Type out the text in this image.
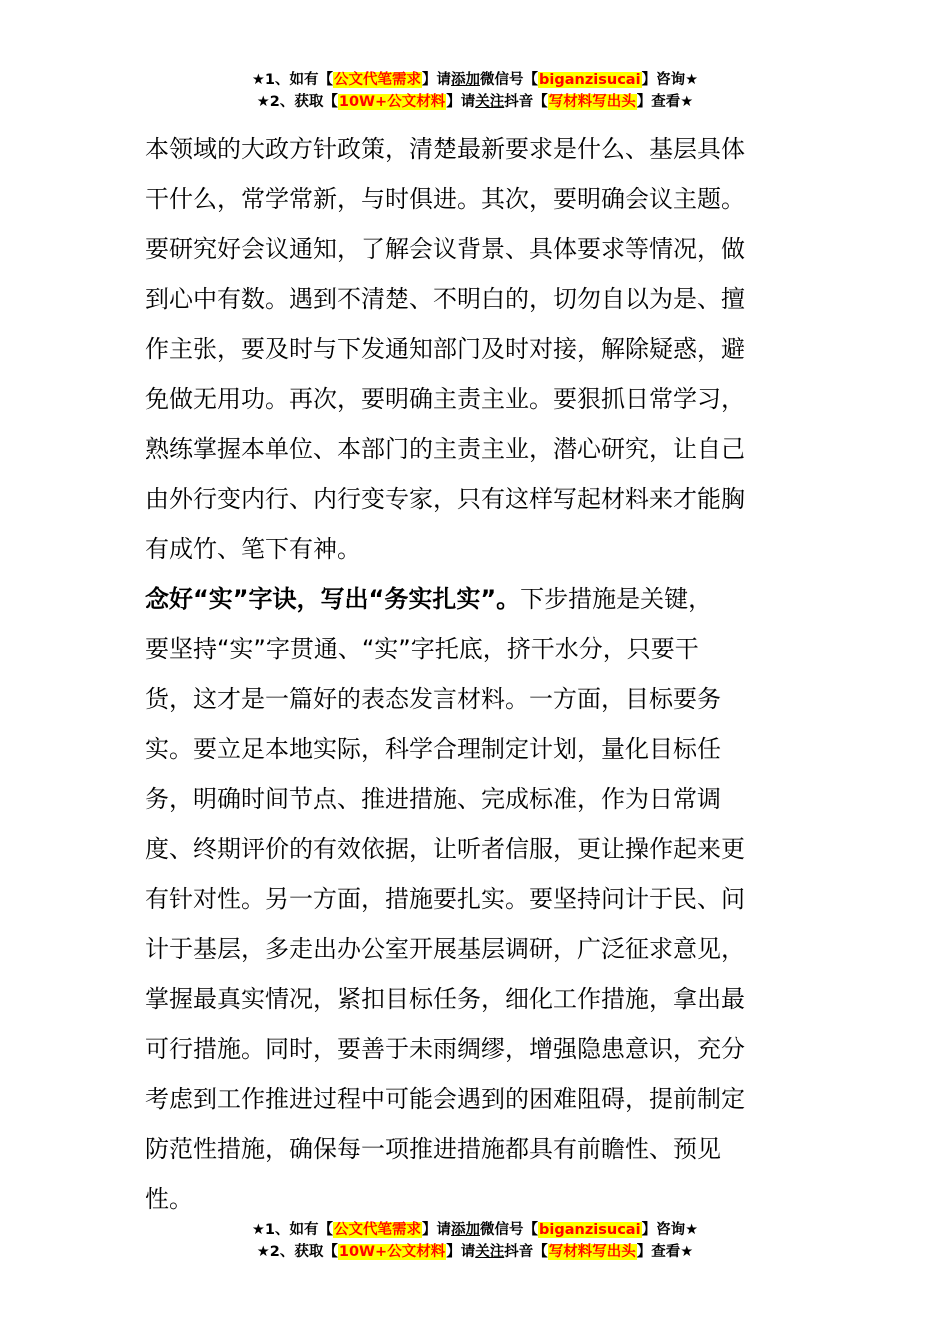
★1、如有【公文代笔需求】请添加微信号【biganzisucai】咨询★
★2、获取【10W+公文材料】请关注抖音【写材料写出头】查看★
本领域的大政方针政策，清楚最新要求是什么、基层具体
干什么，常学常新，与时俱进。其次，要明确会议主题。
要研究好会议通知，了解会议背景、具体要求等情况，做
到心中有数。遇到不清楚、不明白的，切勿自以为是、擅
作主张，要及时与下发通知部门及时对接，解除疑惑，避
免做无用功。再次，要明确主责主业。要狠抓日常学习，
熟练掌握本单位、本部门的主责主业，潜心研究，让自己
由外行变内行、内行变专家，只有这样写起材料来才能胸
有成竹、笔下有神。
念好“实”字诀，写出“务实扎实”。下步措施是关键，
要坚持“实”字贯通、“实”字托底，挤干水分，只要干
货，这才是一篇好的表态发言材料。一方面，目标要务
实。要立足本地实际，科学合理制定计划，量化目标任
务，明确时间节点、推进措施、完成标准，作为日常调
度、终期评价的有效依据，让听者信服，更让操作起来更
有针对性。另一方面，措施要扎实。要坚持问计于民、问
计于基层，多走出办公室开展基层调研，广泛征求意见，
掌握最真实情况，紧扣目标任务，细化工作措施，拿出最
可行措施。同时，要善于未雨绸缪，增强隐患意识，充分
考虑到工作推进过程中可能会遇到的困难阻碍，提前制定
防范性措施，确保每一项推进措施都具有前瞻性、预见
性。
★1、如有【公文代笔需求】请添加微信号【biganzisucai】咨询★
★2、获取【10W+公文材料】请关注抖音【写材料写出头】查看★
